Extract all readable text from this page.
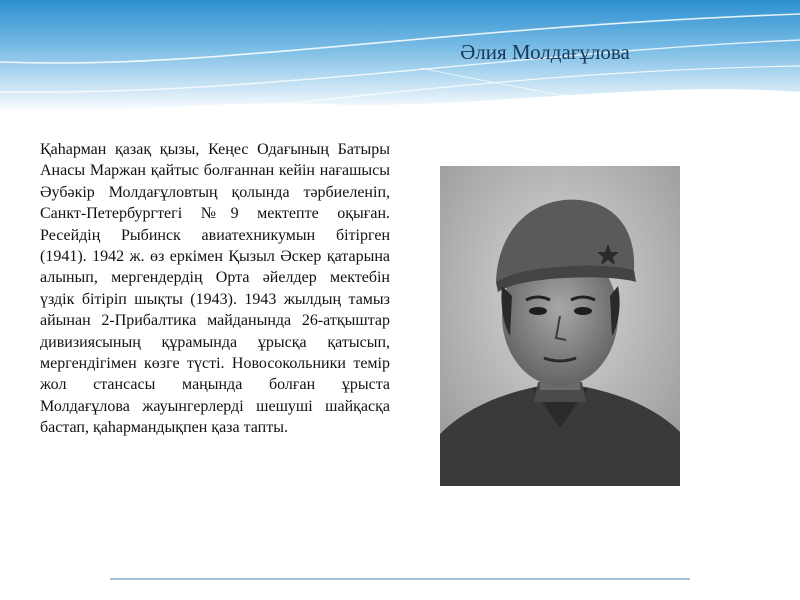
Әлия Молдағұлова
Қаһарман қазақ қызы, Кеңес Одағының Батыры Анасы Маржан қайтыс болғаннан кейін нағашысы Әубәкір Молдағұловтың қолында тәрбиеленіп, Санкт-Петербургтегі №9 мектепте оқыған. Ресейдің Рыбинск авиатехникумын бітірген (1941). 1942 ж. өз еркімен Қызыл Әскер қатарына алынып, мергендердің Орта әйелдер мектебін үздік бітіріп шықты (1943). 1943 жылдың тамыз айынан 2-Прибалтика майданында 26-атқыштар дивизиясының құрамында ұрысқа қатысып, мергендігімен көзге түсті. Новосокольники темір жол стансасы маңында болған ұрыста Молдағұлова жауынгерлерді шешуші шайқасқа бастап, қаһармандықпен қаза тапты.
